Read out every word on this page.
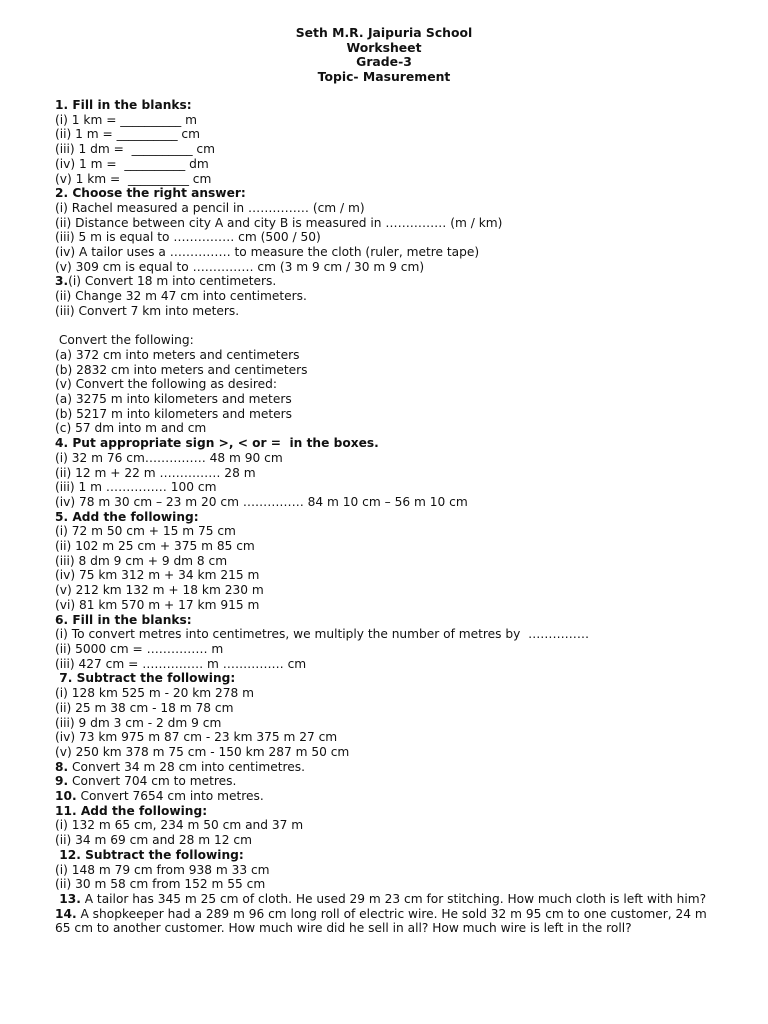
Seth M.R. Jaipuria School
Worksheet
Grade-3
Topic- Masurement
1. Fill in the blanks:
(i) 1 km = __________ m
(ii) 1 m = __________ cm
(iii) 1 dm =  __________ cm
(iv) 1 m =  __________ dm
(v) 1 km =  __________ cm
2. Choose the right answer:
(i) Rachel measured a pencil in …………… (cm / m)
(ii) Distance between city A and city B is measured in …………… (m / km)
(iii) 5 m is equal to …………… cm (500 / 50)
(iv) A tailor uses a …………… to measure the cloth (ruler, metre tape)
(v) 309 cm is equal to …………… cm (3 m 9 cm / 30 m 9 cm)
3.(i) Convert 18 m into centimeters.
(ii) Change 32 m 47 cm into centimeters.
(iii) Convert 7 km into meters.
Convert the following:
(a) 372 cm into meters and centimeters
(b) 2832 cm into meters and centimeters
(v) Convert the following as desired:
(a) 3275 m into kilometers and meters
(b) 5217 m into kilometers and meters
(c) 57 dm into m and cm
4. Put appropriate sign >, < or =  in the boxes.
(i) 32 m 76 cm…………… 48 m 90 cm
(ii) 12 m + 22 m …………… 28 m
(iii) 1 m …………… 100 cm
(iv) 78 m 30 cm – 23 m 20 cm …………… 84 m 10 cm – 56 m 10 cm
5. Add the following:
(i) 72 m 50 cm + 15 m 75 cm
(ii) 102 m 25 cm + 375 m 85 cm
(iii) 8 dm 9 cm + 9 dm 8 cm
(iv) 75 km 312 m + 34 km 215 m
(v) 212 km 132 m + 18 km 230 m
(vi) 81 km 570 m + 17 km 915 m
6. Fill in the blanks:
(i) To convert metres into centimetres, we multiply the number of metres by  ……………
(ii) 5000 cm = …………… m
(iii) 427 cm = …………… m …………… cm
7. Subtract the following:
(i) 128 km 525 m - 20 km 278 m
(ii) 25 m 38 cm - 18 m 78 cm
(iii) 9 dm 3 cm - 2 dm 9 cm
(iv) 73 km 975 m 87 cm - 23 km 375 m 27 cm
(v) 250 km 378 m 75 cm - 150 km 287 m 50 cm
8. Convert 34 m 28 cm into centimetres.
9. Convert 704 cm to metres.
10. Convert 7654 cm into metres.
11. Add the following:
(i) 132 m 65 cm, 234 m 50 cm and 37 m
(ii) 34 m 69 cm and 28 m 12 cm
12. Subtract the following:
(i) 148 m 79 cm from 938 m 33 cm
(ii) 30 m 58 cm from 152 m 55 cm
13. A tailor has 345 m 25 cm of cloth. He used 29 m 23 cm for stitching. How much cloth is left with him?
14. A shopkeeper had a 289 m 96 cm long roll of electric wire. He sold 32 m 95 cm to one customer, 24 m 65 cm to another customer. How much wire did he sell in all? How much wire is left in the roll?
